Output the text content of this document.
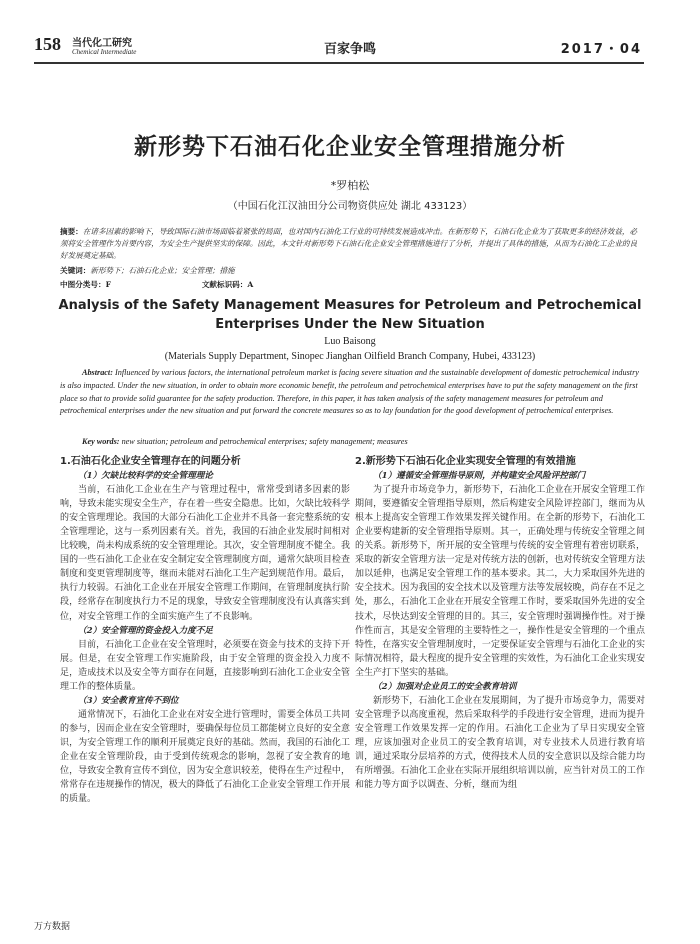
158 当代化工研究
Chemical Intermediate	百家争鸣	2017・04
新形势下石油石化企业安全管理措施分析
*罗柏松
（中国石化江汉油田分公司物资供应处 湖北 433123）
摘要：在诸多因素的影响下，导致国际石油市场面临着紧张的局面，也对国内石油化工行业的可持续发展造成冲击。在新形势下，石油石化企业为了获取更多的经济效益，必须将安全管理作为首要内容，为安全生产提供坚实的保障。因此，本文针对新形势下石油石化企业安全管理措施进行了分析，并提出了具体的措施，从而为石油化工企业的良好发展奠定基础。
关键词：新形势下；石油石化企业；安全管理；措施
中图分类号：F	文献标识码：A
Analysis of the Safety Management Measures for Petroleum and Petrochemical Enterprises Under the New Situation
Luo Baisong
(Materials Supply Department, Sinopec Jianghan Oilfield Branch Company, Hubei, 433123)
Abstract: Influenced by various factors, the international petroleum market is facing severe situation and the sustainable development of domestic petrochemical industry is also impacted. Under the new situation, in order to obtain more economic benefit, the petroleum and petrochemical enterprises have to put the safety management on the first place so that to provide solid guarantee for the safety production. Therefore, in this paper, it has taken analysis of the safety management measures for petroleum and petrochemical enterprises under the new situation and put forward the concrete measures so as to lay foundation for the good development of petrochemical enterprises.
Key words: new situation; petroleum and petrochemical enterprises; safety management; measures

1.石油石化企业安全管理存在的问题分析

（1）欠缺比较科学的安全管理理论

当前，石油化工企业在生产与管理过程中，常常受到诸多因素的影响，导致未能实现安全生产，存在着一些安全隐患。比如，欠缺比较科学的安全管理理论。我国的大部分石油化工企业并不具备一套完整系统的安全管理理论，这与一系列因素有关。首先，我国的石油企业发展时间相对比较晚，尚未构成系统的安全管理理论。其次，安全管理制度不健全。我国的一些石油化工企业在安全制定安全管理制度方面，通常欠缺项目检查制度和变更管理制度等，继而未能对石油化工生产起到规范作用。最后，执行力较弱。石油化工企业在开展安全管理工作期间，在管理制度执行阶段，经常存在制度执行力不足的现象，导致安全管理制度没有认真落实到位，对安全管理工作的全面实施产生了不良影响。

（2）安全管理的资金投入力度不足

目前，石油化工企业在安全管理时，必须要在资金与技术的支持下开展。但是，在安全管理工作实施阶段，由于安全管理的资金投入力度不足，造成技术以及安全等方面存在问题，直接影响到石油化工企业安全管理工作的整体质量。

（3）安全教育宣传不到位

通常情况下，石油化工企业在对安全进行管理时，需要全体员工共同的参与，因而企业在安全管理时，要确保每位员工都能树立良好的安全意识，为安全管理工作的顺利开展奠定良好的基础。然而，我国的石油化工企业在安全管理阶段，由于受到传统观念的影响，忽视了安全教育的地位，导致安全教育宣传不到位，因为安全意识较差，使得在生产过程中，常常存在违规操作的情况，极大的降低了石油化工企业安全管理工作开展的质量。

2.新形势下石油石化企业实现安全管理的有效措施

（1）遵循安全管理指导原则，并构建安全风险评控部门

为了提升市场竞争力，新形势下，石油化工企业在开展安全管理工作期间，要遵循安全管理指导原则，然后构建安全风险评控部门，继而为从根本上提高安全管理工作效果发挥关键作用。在全新的形势下，石油化工企业要构建新的安全管理指导原则。其一，正确处理与传统安全管理之间的关系。新形势下，所开展的安全管理与传统的安全管理有着密切联系，采取的新安全管理方法一定是对传统方法的创新，也对传统安全管理方法加以延伸，也满足安全管理工作的基本要求。其二，大力采取国外先进的安全技术。因为我国的安全技术以及管理方法等发展较晚，尚存在不足之处，那么，石油化工企业在开展安全管理工作时，要采取国外先进的安全技术，尽快达到安全管理的目的。其三，安全管理时强调操作性。对于操作性而言，其是安全管理的主要特性之一，操作性是安全管理的一个重点特性，在落实安全管理制度时，一定要保证安全管理与石油化工企业的实际情况相符，最大程度的提升安全管理的实效性，为石油化工企业实现安全生产打下坚实的基础。

（2）加强对企业员工的安全教育培训

新形势下，石油化工企业在发展期间，为了提升市场竞争力，需要对安全管理予以高度重视，然后采取科学的手段进行安全管理，进而为提升安全管理工作效果发挥一定的作用。石油化工企业为了早日实现安全管理，应该加强对企业员工的安全教育培训，对专业技术人员进行教育培训，通过采取分层培养的方式，使得技术人员的安全意识以及综合能力均有所增强。石油化工企业在实际开展组织培训以前，应当针对员工的工作和能力等方面予以调查、分析，继而为组

万方数据
